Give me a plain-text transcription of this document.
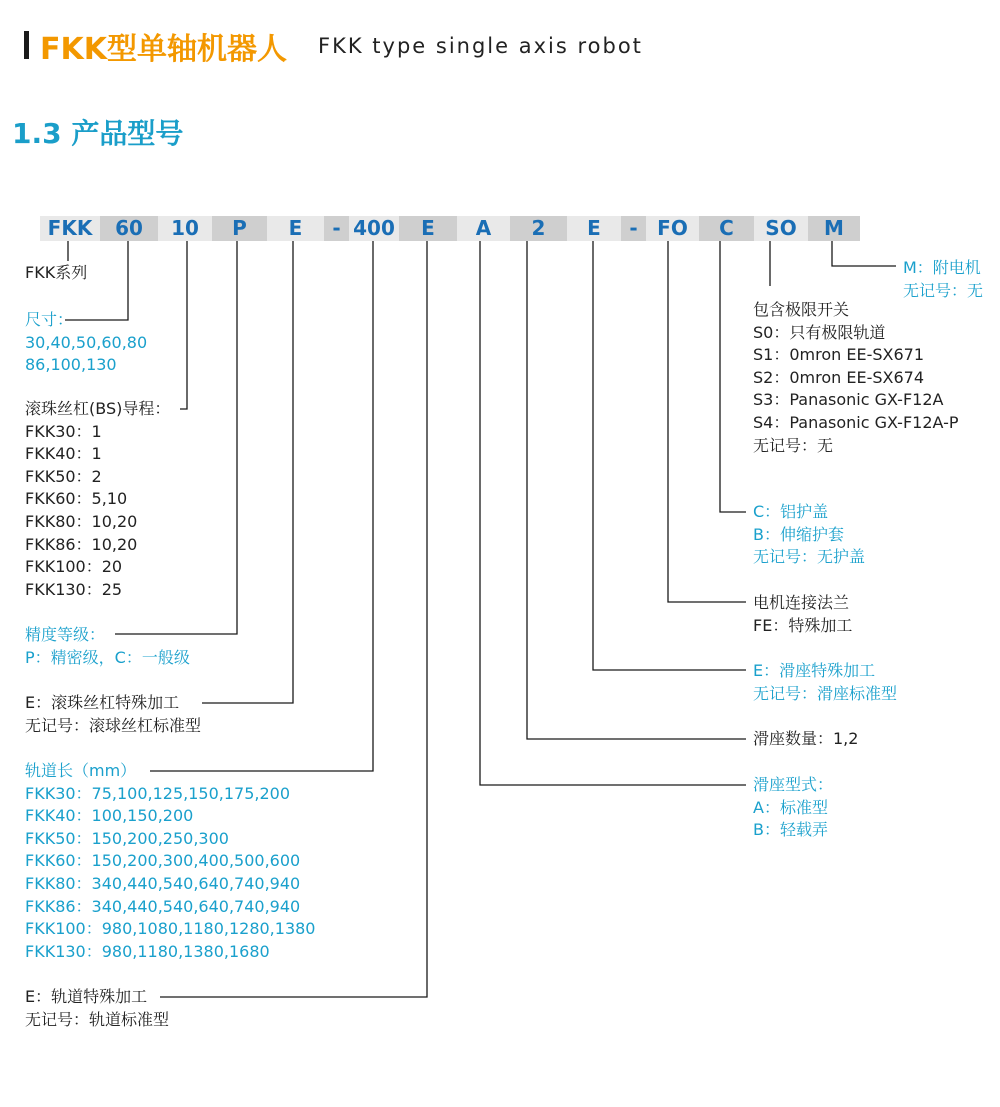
FKK型单轴机器人 FKK type single axis robot
1.3 产品型号
FKK	60	10	P	E	- 400	E	A	2	E	- FO	C	SO	M
FKK系列
尺寸：
30,40,50,60,80
86,100,130
滚珠丝杠(BS)导程：
FKK30：1
FKK40：1
FKK50：2
FKK60：5,10
FKK80：10,20
FKK86：10,20
FKK100：20
FKK130：25
精度等级：
P：精密级，C：一般级
E：滚珠丝杠特殊加工
无记号：滚球丝杠标准型
轨道长（mm）
FKK30：75,100,125,150,175,200
FKK40：100,150,200
FKK50：150,200,250,300
FKK60：150,200,300,400,500,600
FKK80：340,440,540,640,740,940
FKK86：340,440,540,640,740,940
FKK100：980,1080,1180,1280,1380
FKK130：980,1180,1380,1680
E：轨道特殊加工
无记号：轨道标准型
M：附电机
无记号：无
包含极限开关
S0：只有极限轨道
S1：0mron EE-SX671
S2：0mron EE-SX674
S3：Panasonic GX-F12A
S4：Panasonic GX-F12A-P
无记号：无
C：铝护盖
B：伸缩护套
无记号：无护盖
电机连接法兰
FE：特殊加工
E：滑座特殊加工
无记号：滑座标准型
滑座数量：1,2
滑座型式：
A：标准型
B：轻载弄
